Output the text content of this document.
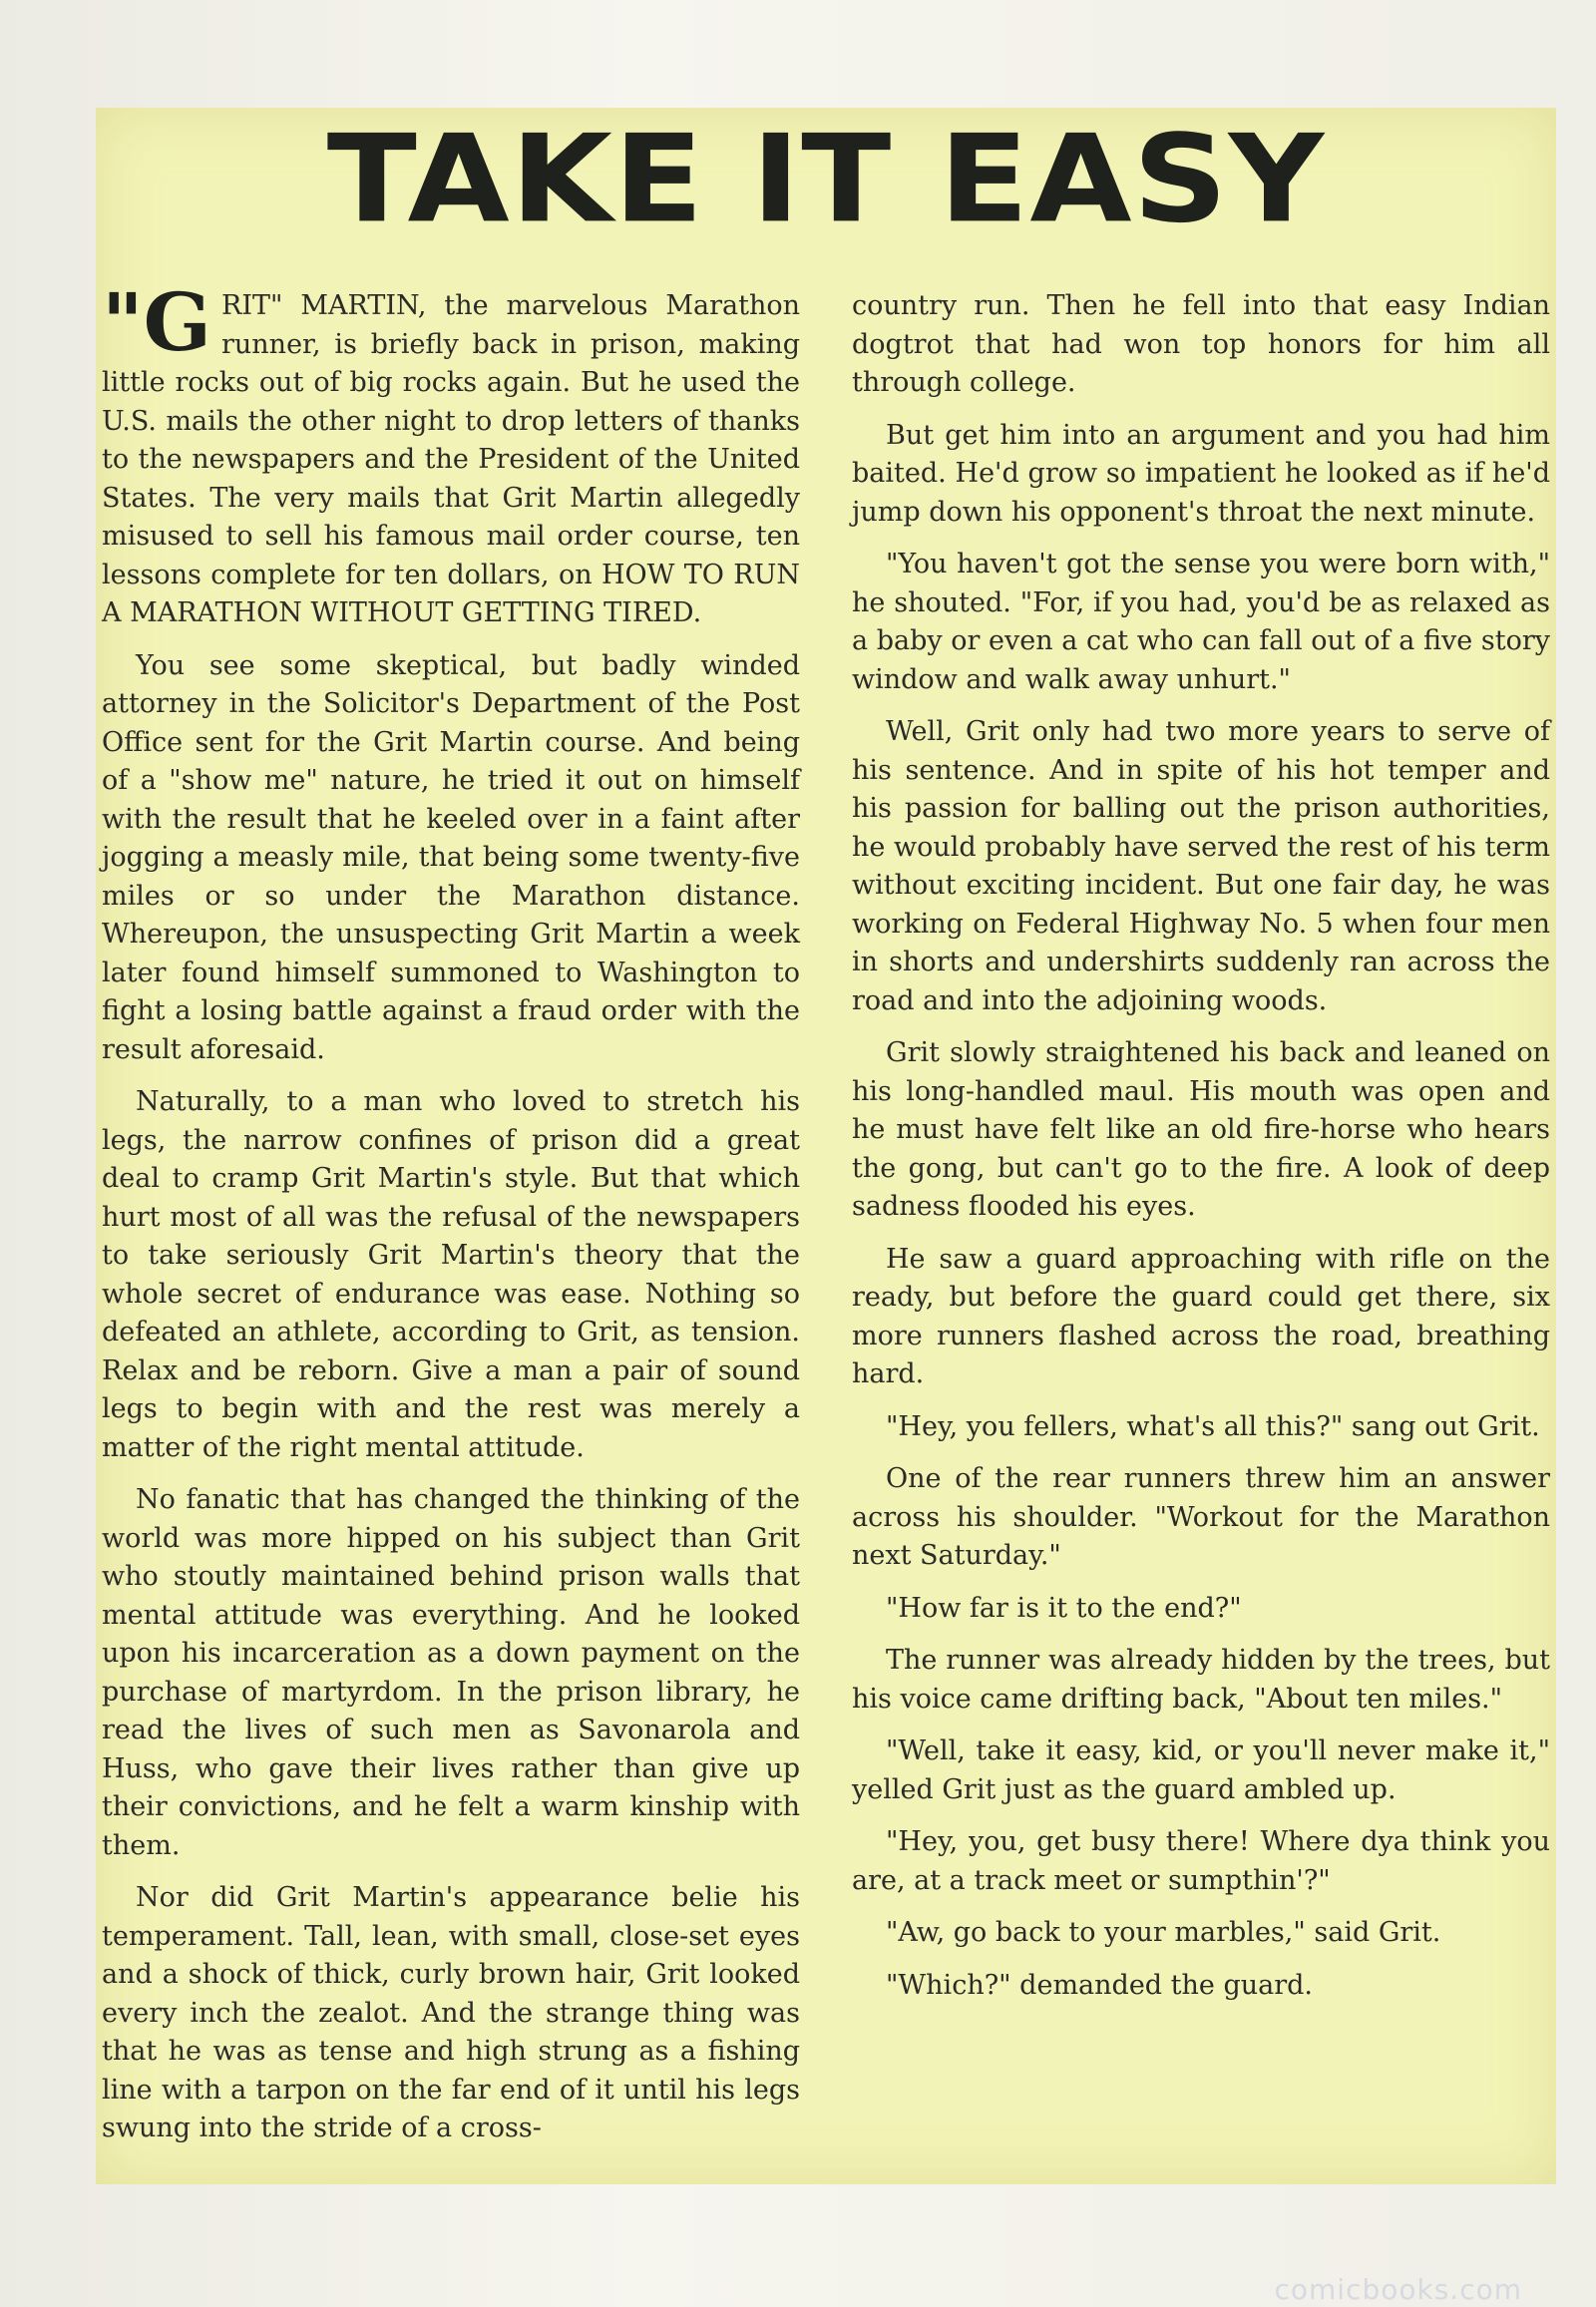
TAKE IT EASY

"GRIT" MARTIN, the marvelous Marathon runner, is briefly back in prison, making little rocks out of big rocks again. But he used the U.S. mails the other night to drop letters of thanks to the newspapers and the President of the United States. The very mails that Grit Martin allegedly misused to sell his famous mail order course, ten lessons complete for ten dollars, on HOW TO RUN A MARATHON WITHOUT GETTING TIRED.

You see some skeptical, but badly winded attorney in the Solicitor's Department of the Post Office sent for the Grit Martin course. And being of a "show me" nature, he tried it out on himself with the result that he keeled over in a faint after jogging a measly mile, that being some twenty-five miles or so under the Marathon distance. Whereupon, the unsuspecting Grit Martin a week later found himself summoned to Washington to fight a losing battle against a fraud order with the result aforesaid.

Naturally, to a man who loved to stretch his legs, the narrow confines of prison did a great deal to cramp Grit Martin's style. But that which hurt most of all was the refusal of the newspapers to take seriously Grit Martin's theory that the whole secret of endurance was ease. Nothing so defeated an athlete, according to Grit, as tension. Relax and be reborn. Give a man a pair of sound legs to begin with and the rest was merely a matter of the right mental attitude.

No fanatic that has changed the thinking of the world was more hipped on his subject than Grit who stoutly maintained behind prison walls that mental attitude was everything. And he looked upon his incarceration as a down payment on the purchase of martyrdom. In the prison library, he read the lives of such men as Savonarola and Huss, who gave their lives rather than give up their convictions, and he felt a warm kinship with them.

Nor did Grit Martin's appearance belie his temperament. Tall, lean, with small, close-set eyes and a shock of thick, curly brown hair, Grit looked every inch the zealot. And the strange thing was that he was as tense and high strung as a fishing line with a tarpon on the far end of it until his legs swung into the stride of a cross-

country run. Then he fell into that easy Indian dogtrot that had won top honors for him all through college.

But get him into an argument and you had him baited. He'd grow so impatient he looked as if he'd jump down his opponent's throat the next minute.

"You haven't got the sense you were born with," he shouted. "For, if you had, you'd be as relaxed as a baby or even a cat who can fall out of a five story window and walk away unhurt."

Well, Grit only had two more years to serve of his sentence. And in spite of his hot temper and his passion for balling out the prison authorities, he would probably have served the rest of his term without exciting incident. But one fair day, he was working on Federal Highway No. 5 when four men in shorts and undershirts suddenly ran across the road and into the adjoining woods.

Grit slowly straightened his back and leaned on his long-handled maul. His mouth was open and he must have felt like an old fire-horse who hears the gong, but can't go to the fire. A look of deep sadness flooded his eyes.

He saw a guard approaching with rifle on the ready, but before the guard could get there, six more runners flashed across the road, breathing hard.

"Hey, you fellers, what's all this?" sang out Grit.

One of the rear runners threw him an answer across his shoulder. "Workout for the Marathon next Saturday."

"How far is it to the end?"

The runner was already hidden by the trees, but his voice came drifting back, "About ten miles."

"Well, take it easy, kid, or you'll never make it," yelled Grit just as the guard ambled up.

"Hey, you, get busy there! Where dya think you are, at a track meet or sumpthin'?"

"Aw, go back to your marbles," said Grit.

"Which?" demanded the guard.

comicbooks.com
